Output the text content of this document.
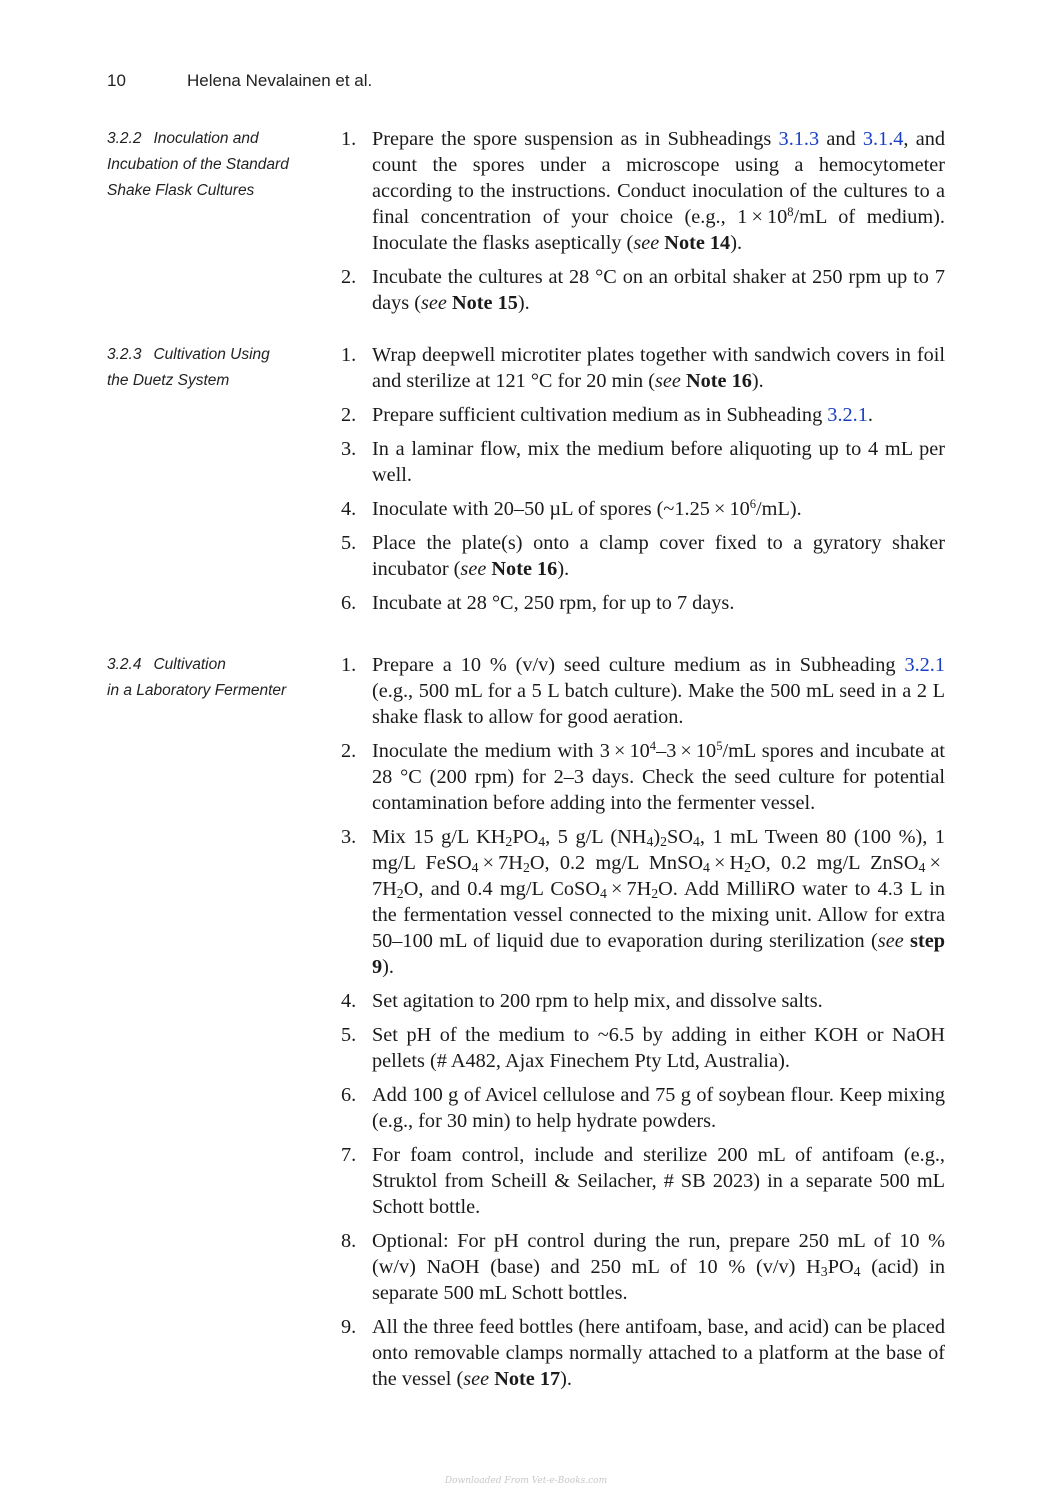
10	Helena Nevalainen et al.
3.2.2 Inoculation and
Incubation of the Standard
Shake Flask Cultures
1. Prepare the spore suspension as in Subheadings 3.1.3 and 3.1.4, and count the spores under a microscope using a hemocytometer according to the instructions. Conduct inoculation of the cultures to a final concentration of your choice (e.g., $1 \times 10^8/mL$ of medium). Inoculate the flasks aseptically (see Note 14).
2. Incubate the cultures at 28 °C on an orbital shaker at 250 rpm up to 7 days (see Note 15).
3.2.3 Cultivation Using
the Duetz System
1. Wrap deepwell microtiter plates together with sandwich covers in foil and sterilize at 121 °C for 20 min (see Note 16).
2. Prepare sufficient cultivation medium as in Subheading 3.2.1.
3. In a laminar flow, mix the medium before aliquoting up to 4 mL per well.
4. Inoculate with 20–50 µL of spores (~1.25 × $10^6/mL$).
5. Place the plate(s) onto a clamp cover fixed to a gyratory shaker incubator (see Note 16).
6. Incubate at 28 °C, 250 rpm, for up to 7 days.
3.2.4 Cultivation
in a Laboratory Fermenter
1. Prepare a 10 % (v/v) seed culture medium as in Subheading 3.2.1 (e.g., 500 mL for a 5 L batch culture). Make the 500 mL seed in a 2 L shake flask to allow for good aeration.
2. Inoculate the medium with $3 \times 10^4-3 \times 10^5/mL$ spores and incubate at 28 °C (200 rpm) for 2–3 days. Check the seed culture for potential contamination before adding into the fermenter vessel.
3. Mix 15 g/L $KH_2PO_4$, 5 g/L $(NH_4)_2SO_4$, 1 mL Tween 80 (100 %), 1 mg/L FeSO$_4$ × $7H_2O$, 0.2 mg/L MnSO$_4$ × $H_2O$, 0.2 mg/L ZnSO$_4$ × $7H_2O$, and 0.4 mg/L CoSO$_4$ × $7H_2O$. Add MilliRO water to 4.3 L in the fermentation vessel connected to the mixing unit. Allow for extra 50–100 mL of liquid due to evaporation during sterilization (see step 9).
4. Set agitation to 200 rpm to help mix, and dissolve salts.
5. Set pH of the medium to ~6.5 by adding in either KOH or NaOH pellets (# A482, Ajax Finechem Pty Ltd, Australia).
6. Add 100 g of Avicel cellulose and 75 g of soybean flour. Keep mixing (e.g., for 30 min) to help hydrate powders.
7. For foam control, include and sterilize 200 mL of antifoam (e.g., Struktol from Scheill & Seilacher, # SB 2023) in a separate 500 mL Schott bottle.
8. Optional: For pH control during the run, prepare 250 mL of 10 % (w/v) NaOH (base) and 250 mL of 10 % (v/v) $H_3PO_4$ (acid) in separate 500 mL Schott bottles.
9. All the three feed bottles (here antifoam, base, and acid) can be placed onto removable clamps normally attached to a platform at the base of the vessel (see Note 17).
Downloaded From Vet-e-Books.com
